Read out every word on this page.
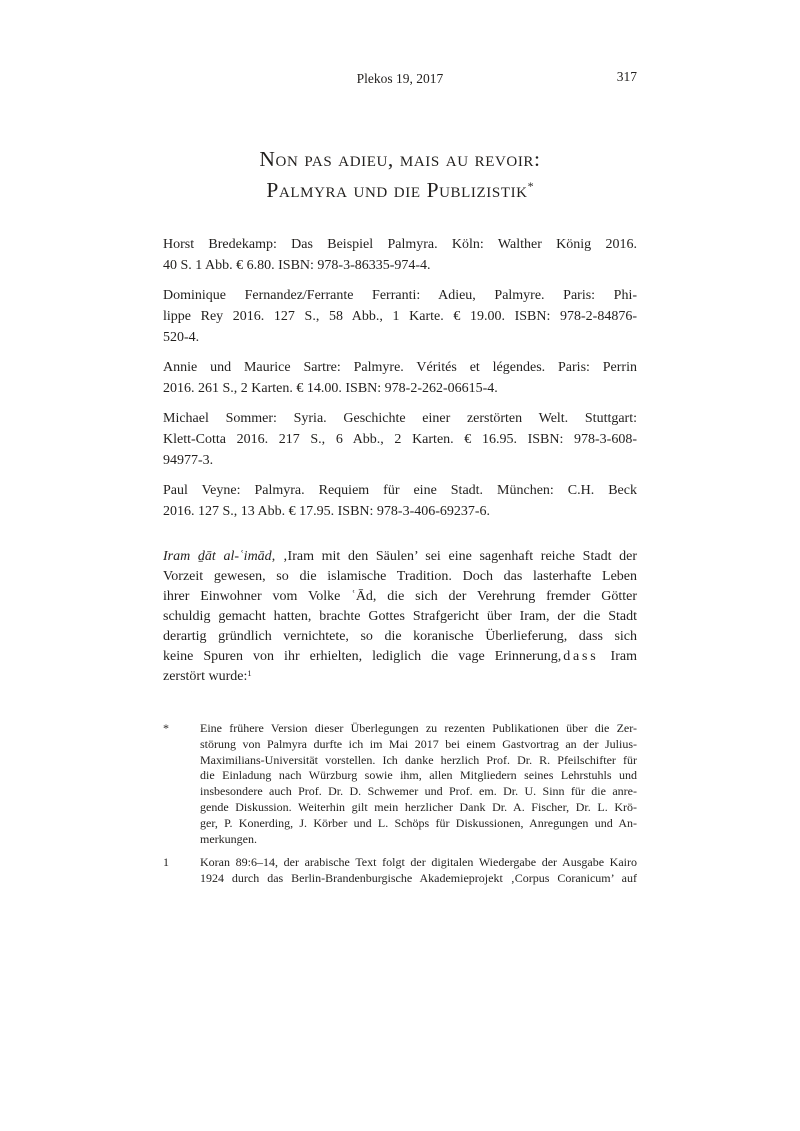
Plekos 19, 2017	317
Non pas adieu, mais au revoir:
Palmyra und die Publizistik*
Horst Bredekamp: Das Beispiel Palmyra. Köln: Walther König 2016.
40 S. 1 Abb. € 6.80. ISBN: 978-3-86335-974-4.
Dominique Fernandez/Ferrante Ferranti: Adieu, Palmyre. Paris: Phi-
lippe Rey 2016. 127 S., 58 Abb., 1 Karte. € 19.00. ISBN: 978-2-84876-
520-4.
Annie und Maurice Sartre: Palmyre. Vérités et légendes. Paris: Perrin
2016. 261 S., 2 Karten. € 14.00. ISBN: 978-2-262-06615-4.
Michael Sommer: Syria. Geschichte einer zerstörten Welt. Stuttgart:
Klett-Cotta 2016. 217 S., 6 Abb., 2 Karten. € 16.95. ISBN: 978-3-608-
94977-3.
Paul Veyne: Palmyra. Requiem für eine Stadt. München: C.H. Beck
2016. 127 S., 13 Abb. € 17.95. ISBN: 978-3-406-69237-6.
Iram ḏāt al-ʿimād, ‚Iram mit den Säulen’ sei eine sagenhaft reiche Stadt der
Vorzeit gewesen, so die islamische Tradition. Doch das lasterhafte Leben
ihrer Einwohner vom Volke ʿĀd, die sich der Verehrung fremder Götter
schuldig gemacht hatten, brachte Gottes Strafgericht über Iram, der die Stadt
derartig gründlich vernichtete, so die koranische Überlieferung, dass sich
keine Spuren von ihr erhielten, lediglich die vage Erinnerung, dass Iram
zerstört wurde:$^1$
*	Eine frühere Version dieser Überlegungen zu rezenten Publikationen über die Zer-
störung von Palmyra durfte ich im Mai 2017 bei einem Gastvortrag an der Julius-
Maximilians-Universität vorstellen. Ich danke herzlich Prof. Dr. R. Pfeilschifter für
die Einladung nach Würzburg sowie ihm, allen Mitgliedern seines Lehrstuhls und
insbesondere auch Prof. Dr. D. Schwemer und Prof. em. Dr. U. Sinn für die anre-
gende Diskussion. Weiterhin gilt mein herzlicher Dank Dr. A. Fischer, Dr. L. Krö-
ger, P. Konerding, J. Körber und L. Schöps für Diskussionen, Anregungen und An-
merkungen.
1	Koran 89:6–14, der arabische Text folgt der digitalen Wiedergabe der Ausgabe Kairo
1924 durch das Berlin-Brandenburgische Akademieprojekt ‚Corpus Coranicum’ auf
